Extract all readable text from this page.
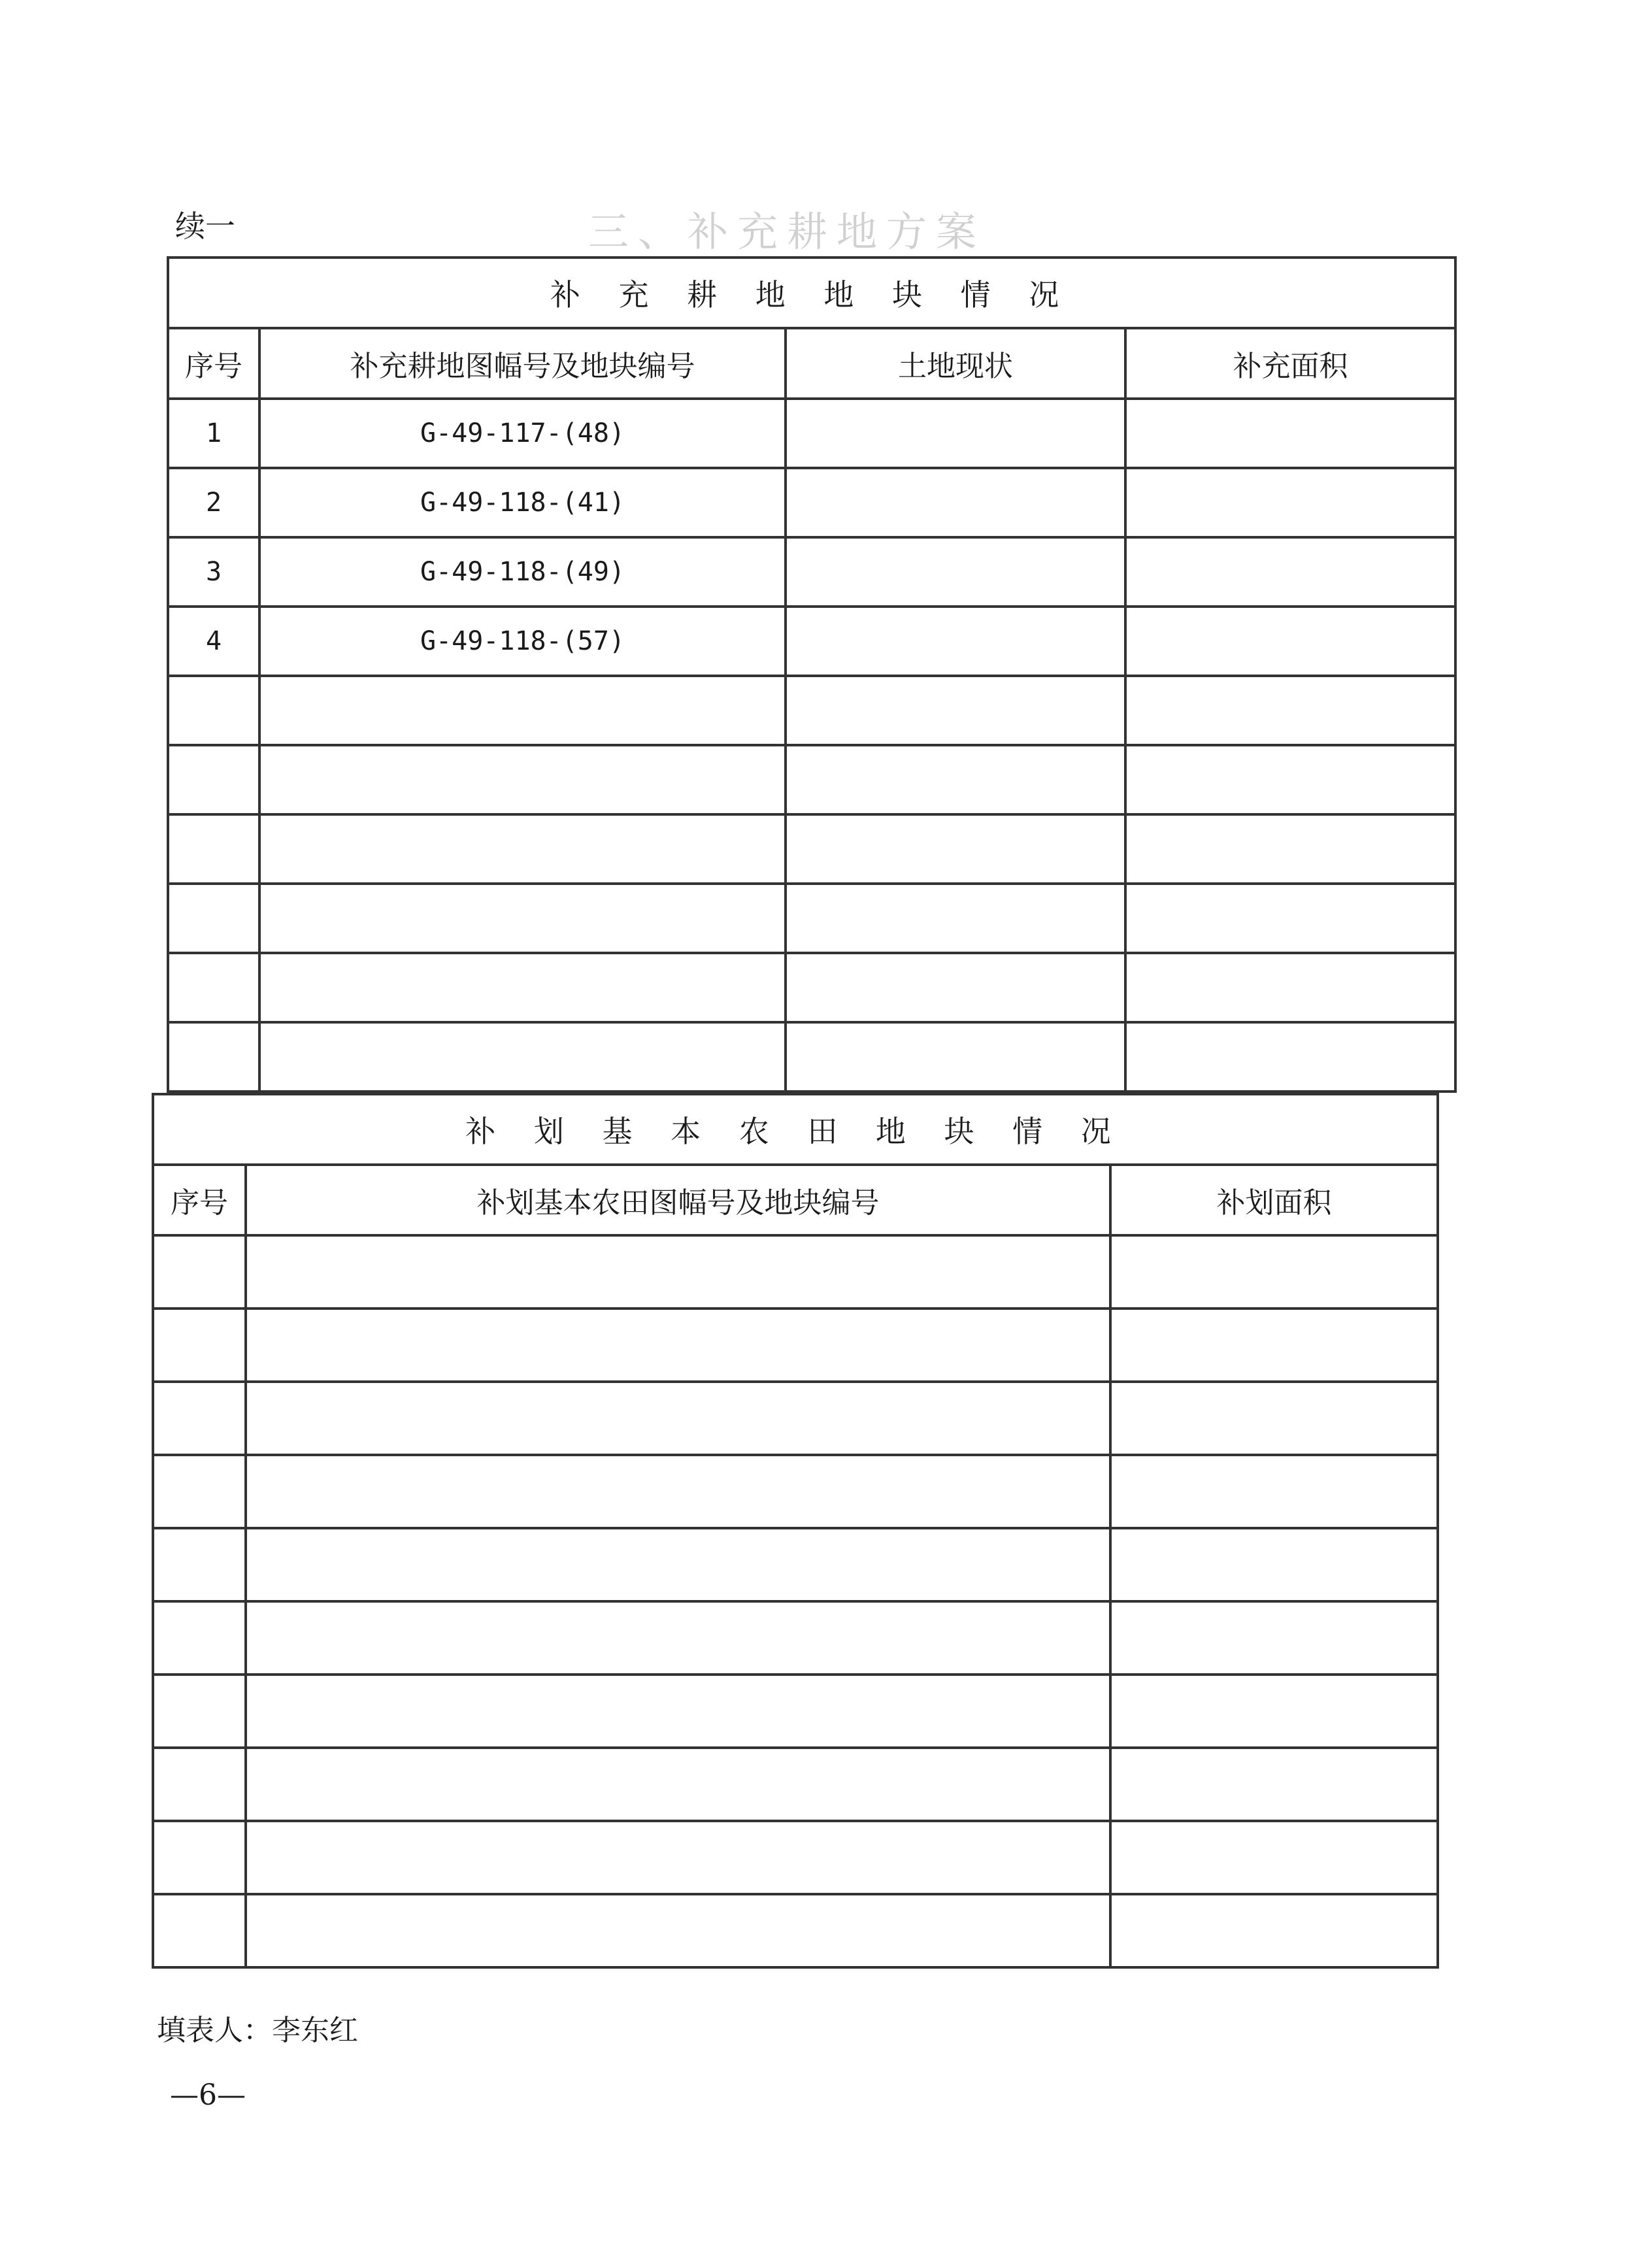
续一	三、补充耕地方案
补 充 耕 地 地 块 情 况			
序号	补充耕地图幅号及地块编号	土地现状	补充面积
1	G-49-117-(48)		
2	G-49-118-(41)		
3	G-49-118-(49)		
4	G-49-118-(57)		

补 划 基 本 农 田 地 块 情 况		
序号	补划基本农田图幅号及地块编号	补划面积

填表人：李东红
—6—
